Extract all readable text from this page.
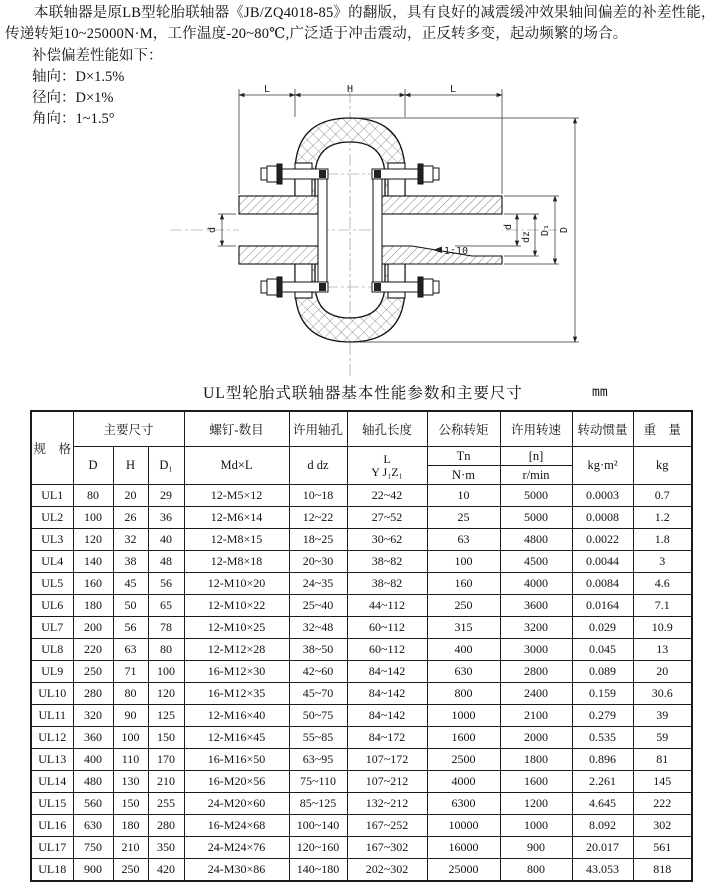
本联轴器是原LB型轮胎联轴器《JB/ZQ4018-85》的翻版，具有良好的减震缓冲效果轴间偏差的补差性能，传递转矩10~25000N·M，工作温度-20~80℃,广泛适于冲击震动，正反转多变，起动频繁的场合。

补偿偏差性能如下：
轴向：D×1.5%
径向：D×1%
角向：1~1.5°
1:10
L	H	L
d	d
dz
D₁ D
UL型轮胎式联轴器基本性能参数和主要尺寸	mm
规　格	主要尺寸			螺钉-数目	许用轴孔	轴孔长度	公称转矩	许用转速	转动惯量	重　量
	D	H	D₁	Md×L	d dz	L
Y J₁Z₁	Tn	[n]	kg·m²	kg
							N·m	r/min		
UL1	80	20	29	12-M5×12	10~18	22~42	10	5000	0.0003	0.7
UL2	100	26	36	12-M6×14	12~22	27~52	25	5000	0.0008	1.2
UL3	120	32	40	12-M8×15	18~25	30~62	63	4800	0.0022	1.8
UL4	140	38	48	12-M8×18	20~30	38~82	100	4500	0.0044	3
UL5	160	45	56	12-M10×20	24~35	38~82	160	4000	0.0084	4.6
UL6	180	50	65	12-M10×22	25~40	44~112	250	3600	0.0164	7.1
UL7	200	56	78	12-M10×25	32~48	60~112	315	3200	0.029	10.9
UL8	220	63	80	12-M12×28	38~50	60~112	400	3000	0.045	13
UL9	250	71	100	16-M12×30	42~60	84~142	630	2800	0.089	20
UL10	280	80	120	16-M12×35	45~70	84~142	800	2400	0.159	30.6
UL11	320	90	125	12-M16×40	50~75	84~142	1000	2100	0.279	39
UL12	360	100	150	12-M16×45	55~85	84~172	1600	2000	0.535	59
UL13	400	110	170	16-M16×50	63~95	107~172	2500	1800	0.896	81
UL14	480	130	210	16-M20×56	75~110	107~212	4000	1600	2.261	145
UL15	560	150	255	24-M20×60	85~125	132~212	6300	1200	4.645	222
UL16	630	180	280	16-M24×68	100~140	167~252	10000	1000	8.092	302
UL17	750	210	350	24-M24×76	120~160	167~302	16000	900	20.017	561
UL18	900	250	420	24-M30×86	140~180	202~302	25000	800	43.053	818
